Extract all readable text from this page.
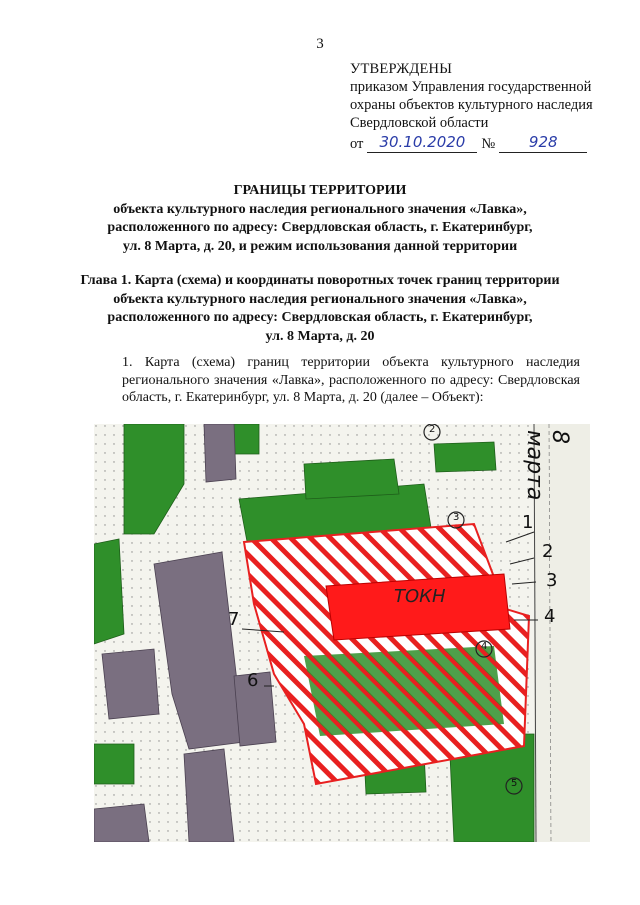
3
УТВЕРЖДЕНЫ
приказом Управления государственной
охраны объектов культурного наследия
Свердловской области
от	30.10.2020	№	928
ГРАНИЦЫ ТЕРРИТОРИИ
объекта культурного наследия регионального значения «Лавка»,
расположенного по адресу: Свердловская область, г. Екатеринбург,
ул. 8 Марта, д. 20, и режим использования данной территории
Глава 1. Карта (схема) и координаты поворотных точек границ территории
объекта культурного наследия регионального значения «Лавка»,
расположенного по адресу: Свердловская область, г. Екатеринбург,
ул. 8 Марта, д. 20
1. Карта (схема) границ территории объекта культурного наследия регионального значения «Лавка», расположенного по адресу: Свердловская область, г. Екатеринбург, ул. 8 Марта, д. 20 (далее – Объект):
8 марта
ТОКН
1
2
3
4
6
7
2
3
4
5
